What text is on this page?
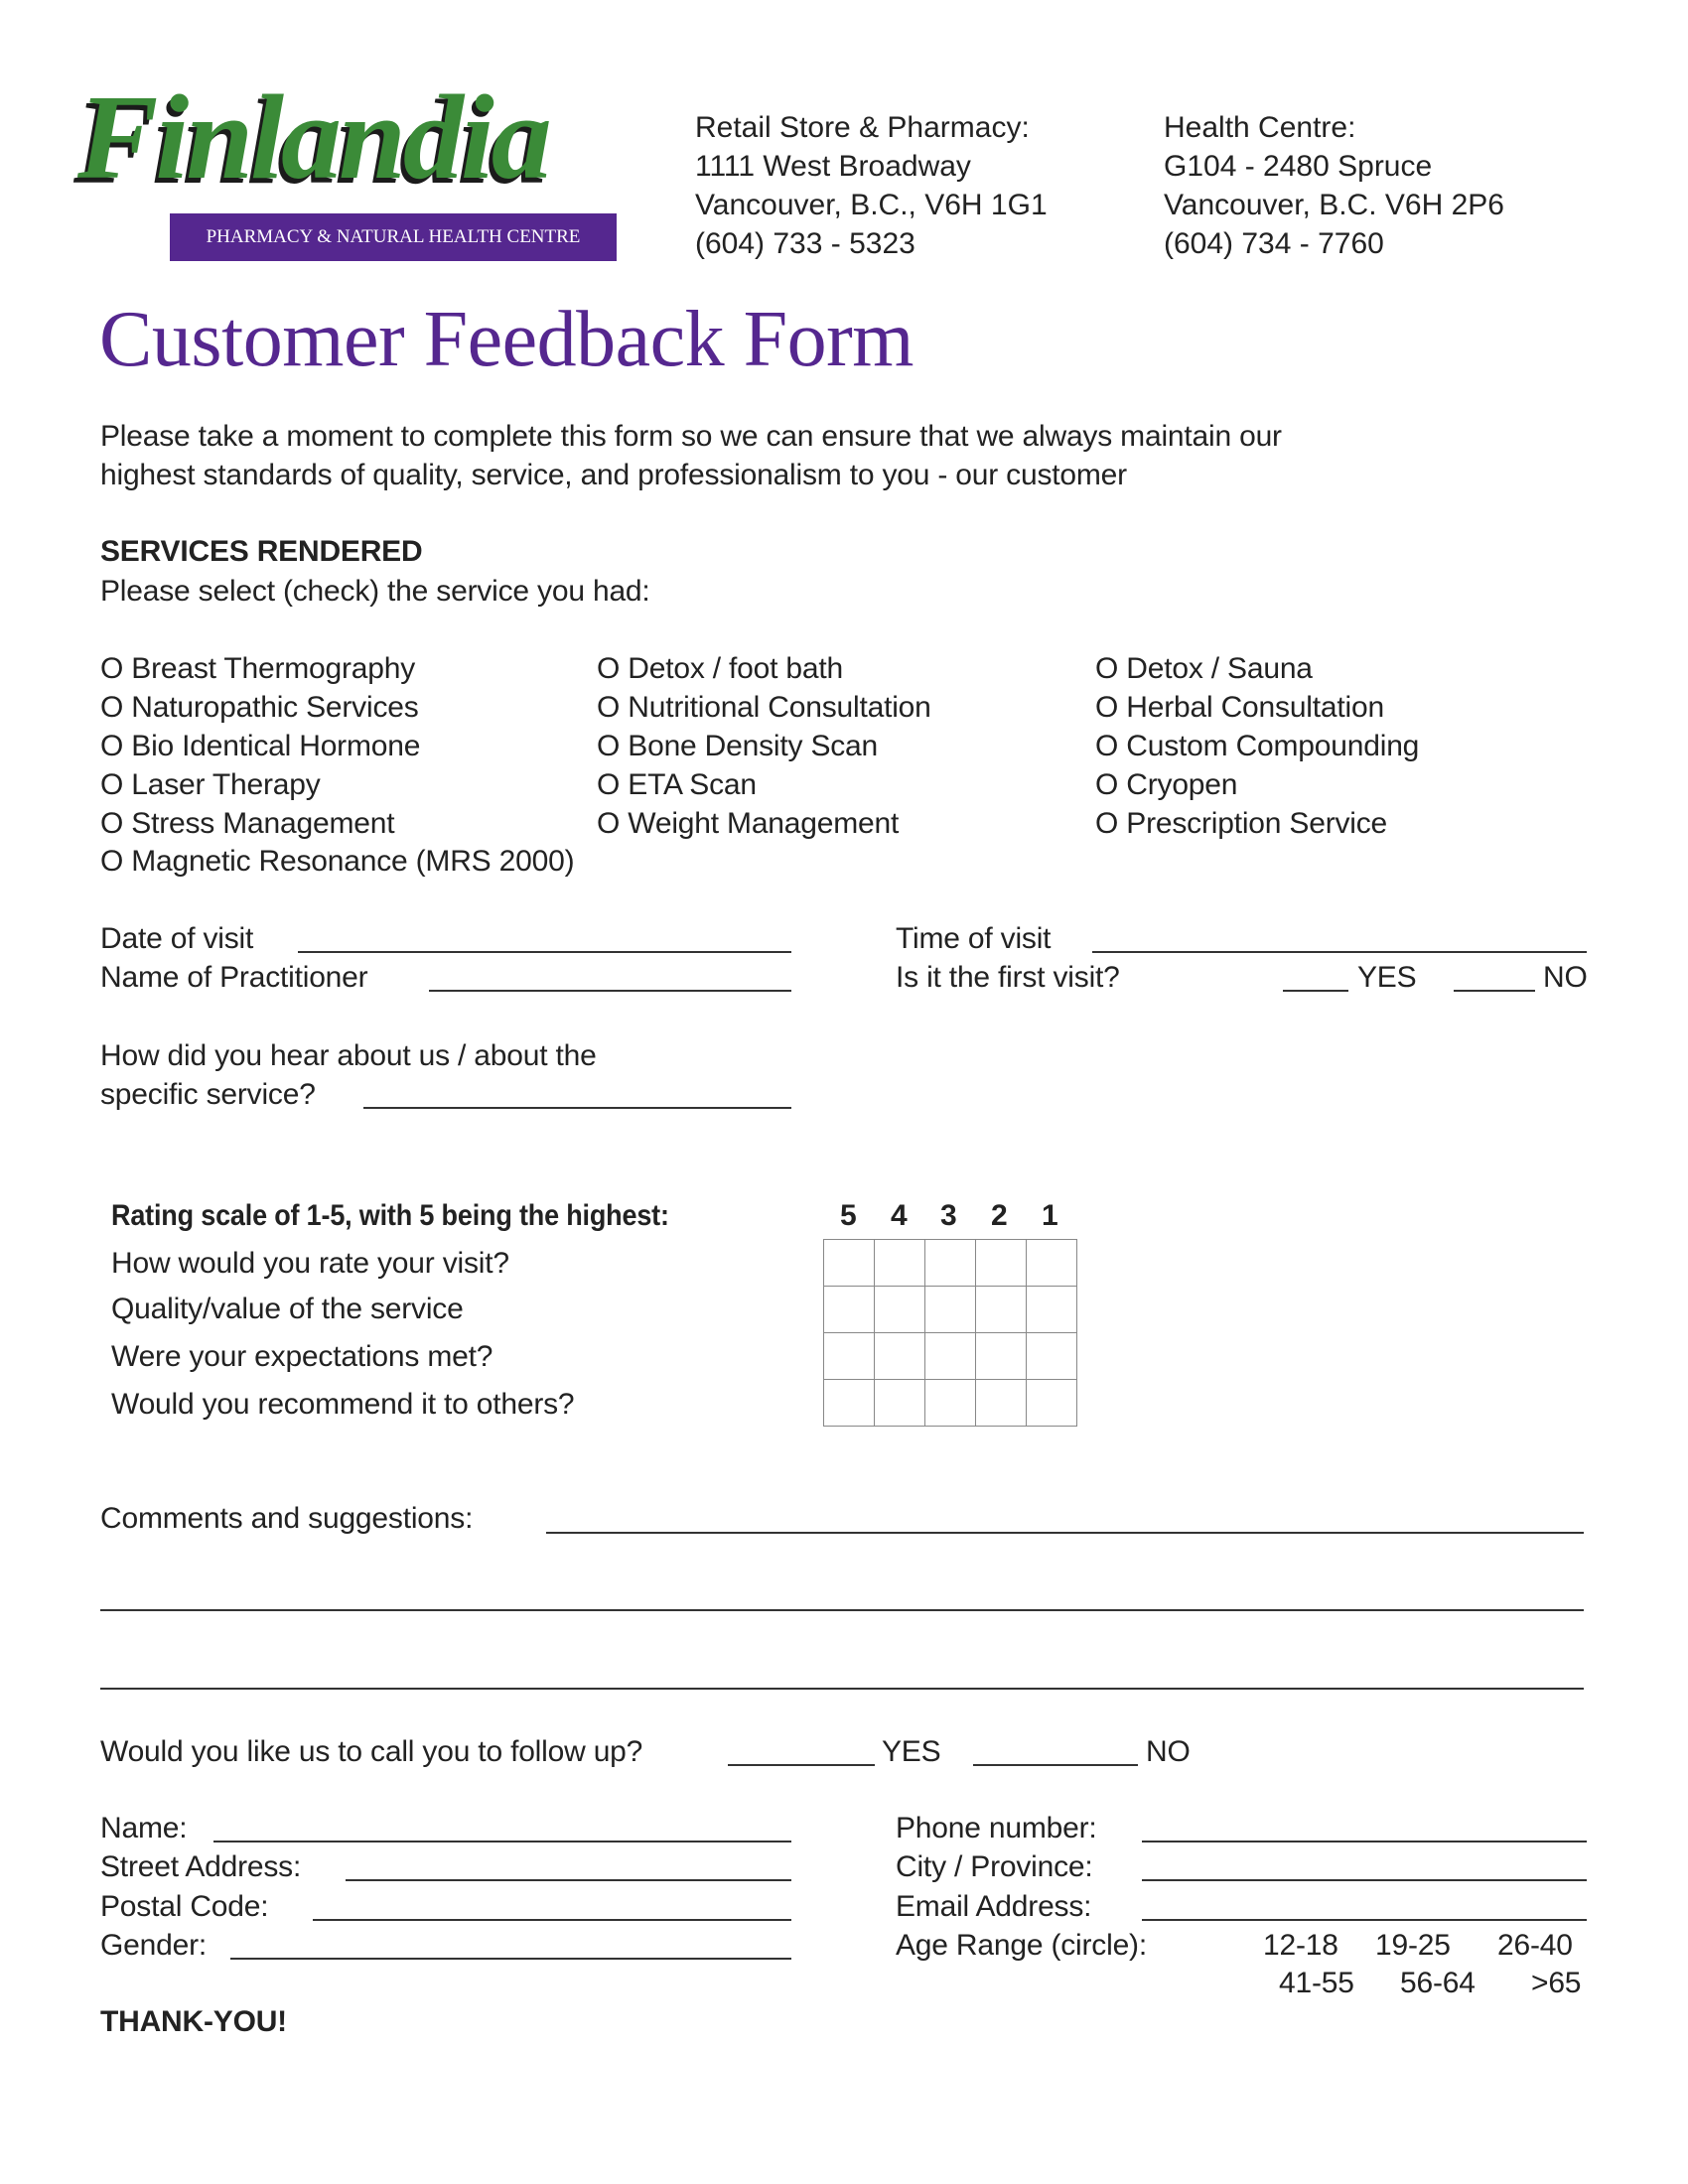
Finlandia
PHARMACY & NATURAL HEALTH CENTRE
Retail Store & Pharmacy:
1111 West Broadway
Vancouver, B.C., V6H 1G1
(604) 733 - 5323
Health Centre:
G104 - 2480 Spruce
Vancouver, B.C. V6H 2P6
(604) 734 - 7760
Customer Feedback Form
Please take a moment to complete this form so we can ensure that we always maintain our
highest standards of quality, service, and professionalism to you - our customer
SERVICES RENDERED
Please select (check) the service you had:
O Breast Thermography
O Naturopathic Services
O Bio Identical Hormone
O Laser Therapy
O Stress Management
O Magnetic Resonance (MRS 2000)
O Detox / foot bath
O Nutritional Consultation
O Bone Density Scan
O ETA Scan
O Weight Management
O Detox / Sauna
O Herbal Consultation
O Custom Compounding
O Cryopen
O Prescription Service
Date of visit
Name of Practitioner
Time of visit
Is it the first visit?	YES	NO
How did you hear about us / about the
specific service?
Rating scale of 1-5, with 5 being the highest:	5 4 3 2 1

How would you rate your visit?
Quality/value of the service
Were your expectations met?
Would you recommend it to others?
Comments and suggestions:
Would you like us to call you to follow up?	YES	NO
Name:
Street Address:
Postal Code:
Gender:
Phone number:
City / Province:
Email Address:
Age Range (circle):	12-18 19-25 26-40
41-55 56-64 >65
THANK-YOU!
